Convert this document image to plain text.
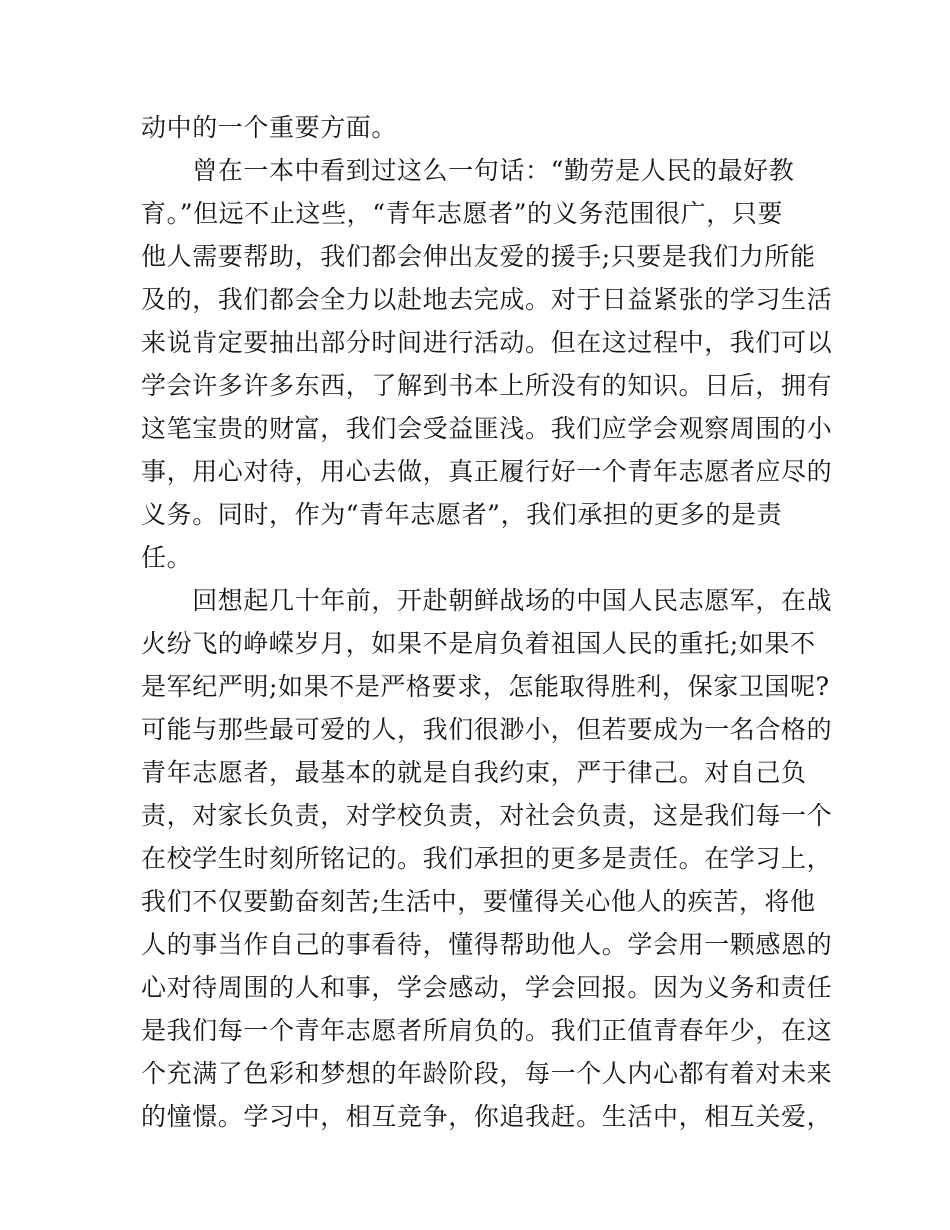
动中的一个重要方面。
　　曾在一本中看到过这么一句话：“勤劳是人民的最好教
育。”但远不止这些，“青年志愿者”的义务范围很广，只要
他人需要帮助，我们都会伸出友爱的援手;只要是我们力所能
及的，我们都会全力以赴地去完成。对于日益紧张的学习生活
来说肯定要抽出部分时间进行活动。但在这过程中，我们可以
学会许多许多东西，了解到书本上所没有的知识。日后，拥有
这笔宝贵的财富，我们会受益匪浅。我们应学会观察周围的小
事，用心对待，用心去做，真正履行好一个青年志愿者应尽的
义务。同时，作为“青年志愿者”，我们承担的更多的是责
任。
　　回想起几十年前，开赴朝鲜战场的中国人民志愿军，在战
火纷飞的峥嵘岁月，如果不是肩负着祖国人民的重托;如果不
是军纪严明;如果不是严格要求，怎能取得胜利，保家卫国呢?
可能与那些最可爱的人，我们很渺小，但若要成为一名合格的
青年志愿者，最基本的就是自我约束，严于律己。对自己负
责，对家长负责，对学校负责，对社会负责，这是我们每一个
在校学生时刻所铭记的。我们承担的更多是责任。在学习上，
我们不仅要勤奋刻苦;生活中，要懂得关心他人的疾苦，将他
人的事当作自己的事看待，懂得帮助他人。学会用一颗感恩的
心对待周围的人和事，学会感动，学会回报。因为义务和责任
是我们每一个青年志愿者所肩负的。我们正值青春年少，在这
个充满了色彩和梦想的年龄阶段，每一个人内心都有着对未来
的憧憬。学习中，相互竞争，你追我赶。生活中，相互关爱，
